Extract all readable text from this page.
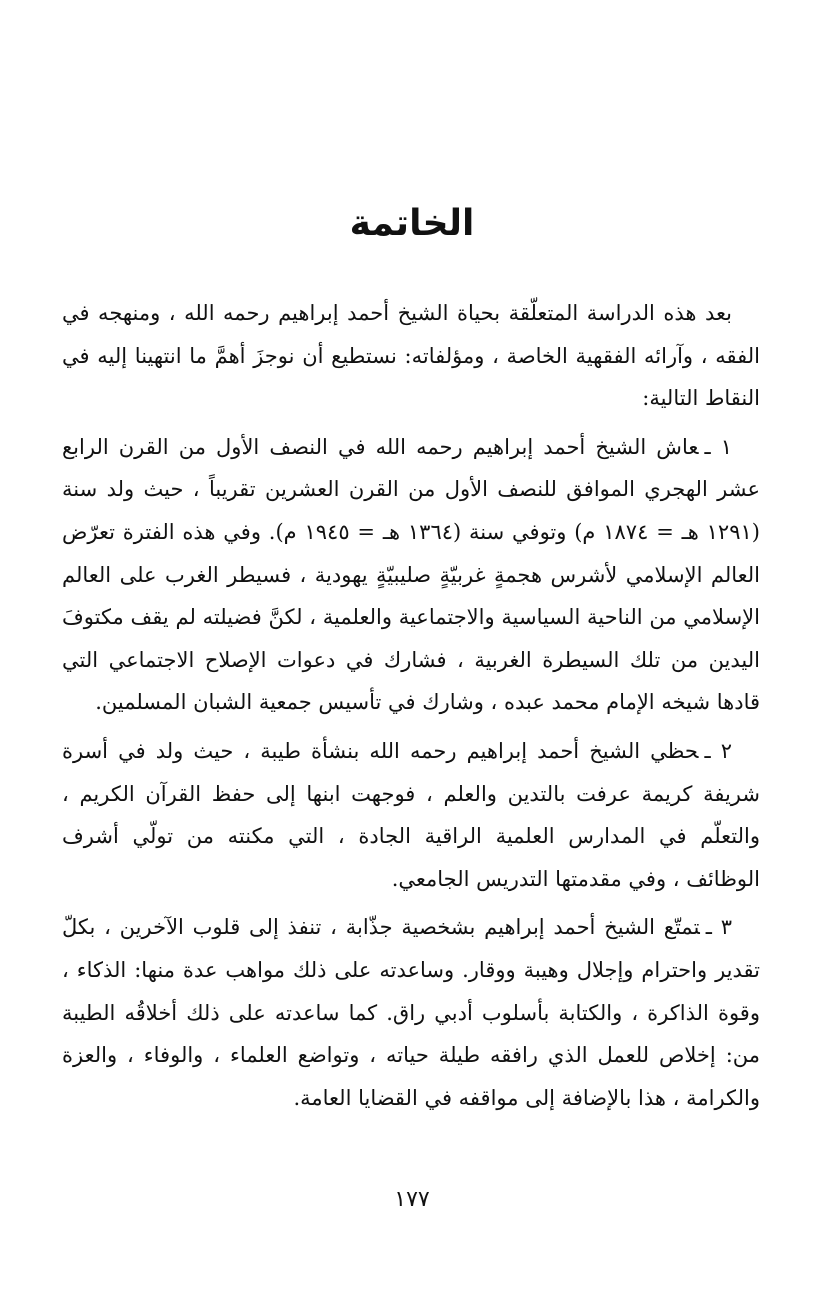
الخاتمة

بعد هذه الدراسة المتعلّقة بحياة الشيخ أحمد إبراهيم رحمه الله ، ومنهجه في الفقه ، وآرائه الفقهية الخاصة ، ومؤلفاته: نستطيع أن نوجزَ أهمَّ ما انتهينا إليه في النقاط التالية:

١ ـعاش الشيخ أحمد إبراهيم رحمه الله في النصف الأول من القرن الرابع عشر الهجري الموافق للنصف الأول من القرن العشرين تقريباً ، حيث ولد سنة (١٢٩١ هـ = ١٨٧٤ م) وتوفي سنة (١٣٦٤ هـ = ١٩٤٥ م). وفي هذه الفترة تعرّض العالم الإسلامي لأشرس هجمةٍ غربيّةٍ صليبيّةٍ يهودية ، فسيطر الغرب على العالم الإسلامي من الناحية السياسية والاجتماعية والعلمية ، لكنَّ فضيلته لم يقف مكتوفَ اليدين من تلك السيطرة الغربية ، فشارك في دعوات الإصلاح الاجتماعي التي قادها شيخه الإمام محمد عبده ، وشارك في تأسيس جمعية الشبان المسلمين.

٢ ـحظي الشيخ أحمد إبراهيم رحمه الله بنشأة طيبة ، حيث ولد في أسرة شريفة كريمة عرفت بالتدين والعلم ، فوجهت ابنها إلى حفظ القرآن الكريم ، والتعلّم في المدارس العلمية الراقية الجادة ، التي مكنته من تولّي أشرف الوظائف ، وفي مقدمتها التدريس الجامعي.

٣ ـتمتّع الشيخ أحمد إبراهيم بشخصية جذّابة ، تنفذ إلى قلوب الآخرين ، بكلّ تقدير واحترام وإجلال وهيبة ووقار. وساعدته على ذلك مواهب عدة منها: الذكاء ، وقوة الذاكرة ، والكتابة بأسلوب أدبي راق. كما ساعدته على ذلك أخلاقُه الطيبة من: إخلاص للعمل الذي رافقه طيلة حياته ، وتواضع العلماء ، والوفاء ، والعزة والكرامة ، هذا بالإضافة إلى مواقفه في القضايا العامة.

١٧٧
